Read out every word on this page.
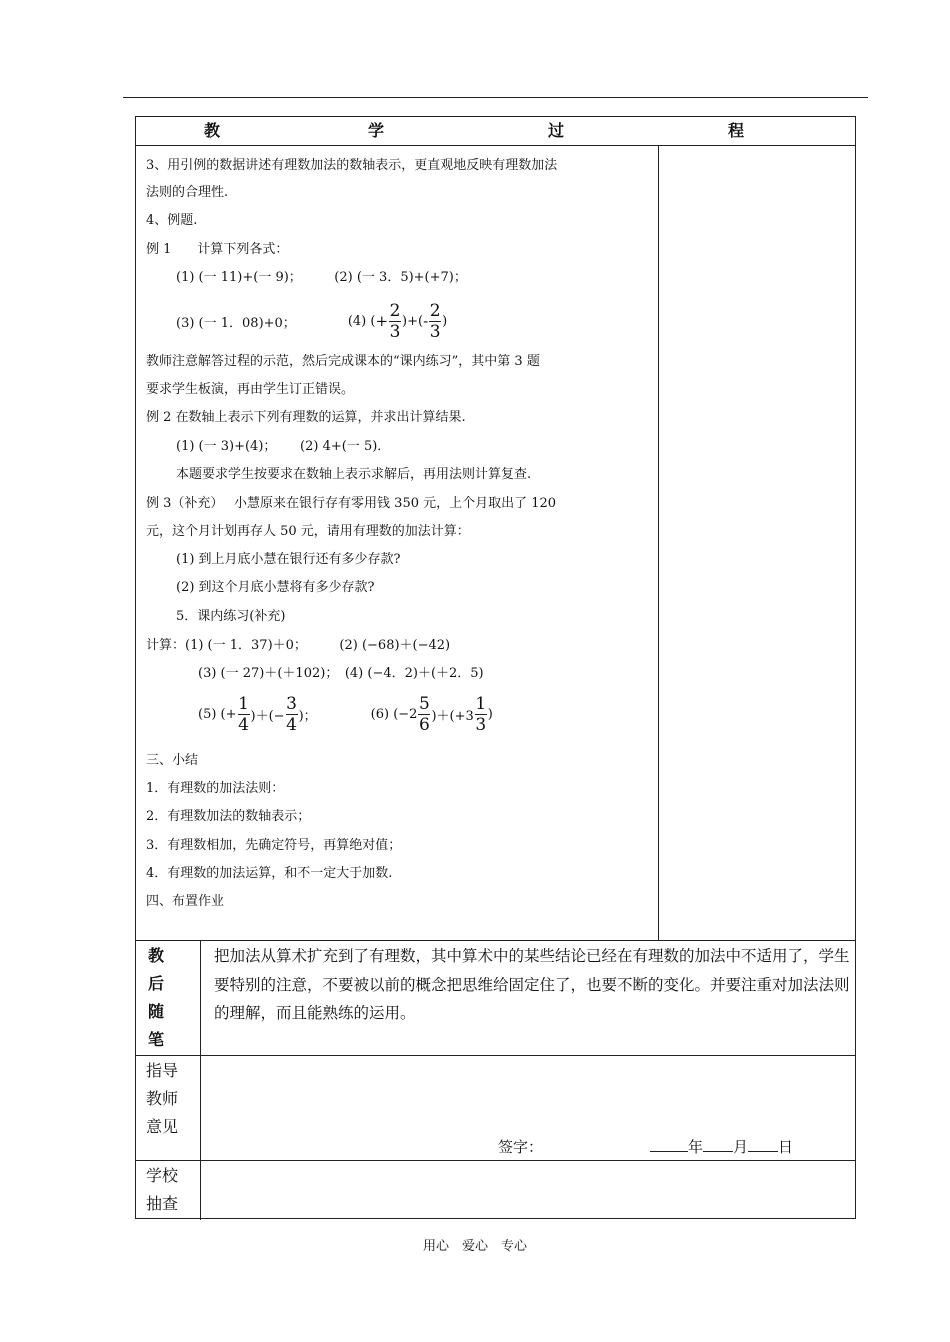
教	学	过	程
3、用引例的数据讲述有理数加法的数轴表示，更直观地反映有理数加法
法则的合理性.
4、例题.
例 1　　计算下列各式：
(1) (一 11)+(一 9)；　　　(2) (一 3．5)+(+7)；
(3) (一 1．08)+0；	(4) ( + $\frac{2}{3}$ )+( - $\frac{2}{3}$ )
教师注意解答过程的示范，然后完成课本的“课内练习”，其中第 3 题
要求学生板演，再由学生订正错误。
例 2 在数轴上表示下列有理数的运算，并求出计算结果.
(1) (一 3)+(4)；　　 (2) 4+(一 5)．
本题要求学生按要求在数轴上表示求解后，再用法则计算复查.
例 3（补充）　 小慧原来在银行存有零用钱 350 元，上个月取出了 120
元，这个月计划再存人 50 元，请用有理数的加法计算：
(1) 到上月底小慧在银行还有多少存款?
(2) 到这个月底小慧将有多少存款?
5．课内练习(补充)
计算：(1) (一 1．37)＋0；　　　(2) (−68)＋(−42)
(3) (一 27)＋(＋102)；　(4) (−4．2)＋(＋2．5)
(5) (+ $\frac{1}{4}$ )＋(− $\frac{3}{4}$ )；	(6) $(-2 \frac{5}{6} )+(+3 \frac{1}{3}$ )
三、小结
1．有理数的加法法则：
2．有理数加法的数轴表示；
3．有理数相加，先确定符号，再算绝对值；
4．有理数的加法运算，和不一定大于加数.
四、布置作业
教
后
随
笔
把加法从算术扩充到了有理数，其中算术中的某些结论已经在有理数的加法中不适用了，学生要特别的注意，不要被以前的概念把思维给固定住了，也要不断的变化。并要注重对加法法则的理解，而且能熟练的运用。
指导
教师
意见
签字：	年 月 日
学校
抽查
用心　爱心　专心
